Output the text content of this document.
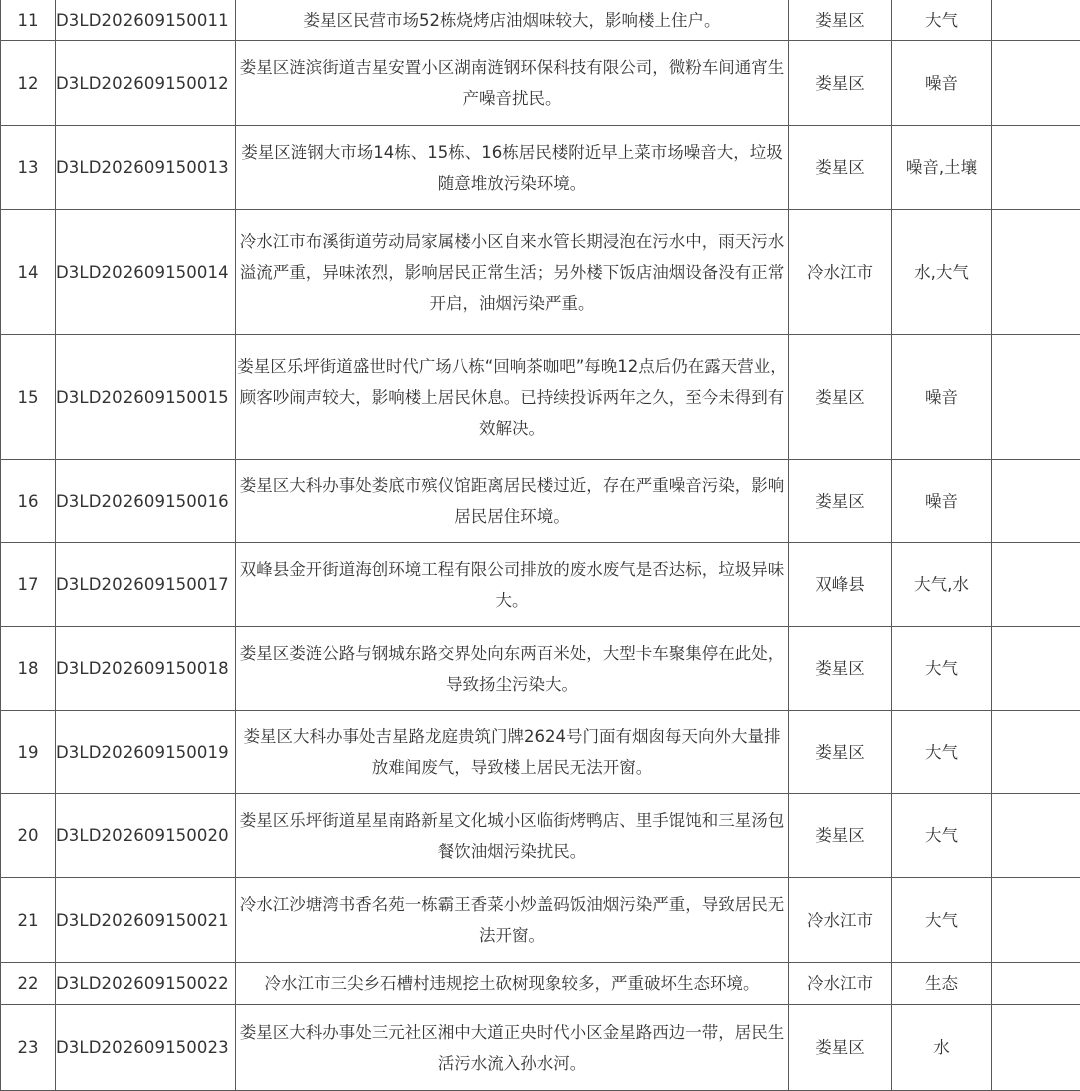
11	D3LD202609150011	娄星区民营市场52栋烧烤店油烟味较大，影响楼上住户。	娄星区	大气	
12	D3LD202609150012	娄星区涟滨街道吉星安置小区湖南涟钢环保科技有限公司，微粉车间通宵生产噪音扰民。	娄星区	噪音	
13	D3LD202609150013	娄星区涟钢大市场14栋、15栋、16栋居民楼附近早上菜市场噪音大，垃圾随意堆放污染环境。	娄星区	噪音,土壤	
14	D3LD202609150014	冷水江市布溪街道劳动局家属楼小区自来水管长期浸泡在污水中，雨天污水溢流严重，异味浓烈，影响居民正常生活；另外楼下饭店油烟设备没有正常开启，油烟污染严重。	冷水江市	水,大气	
15	D3LD202609150015	娄星区乐坪街道盛世时代广场八栋“回响茶咖吧”每晚12点后仍在露天营业，顾客吵闹声较大，影响楼上居民休息。已持续投诉两年之久，至今未得到有效解决。	娄星区	噪音	
16	D3LD202609150016	娄星区大科办事处娄底市殡仪馆距离居民楼过近，存在严重噪音污染，影响居民居住环境。	娄星区	噪音	
17	D3LD202609150017	双峰县金开街道海创环境工程有限公司排放的废水废气是否达标，垃圾异味大。	双峰县	大气,水	
18	D3LD202609150018	娄星区娄涟公路与钢城东路交界处向东两百米处，大型卡车聚集停在此处，导致扬尘污染大。	娄星区	大气	
19	D3LD202609150019	娄星区大科办事处吉星路龙庭贵筑门牌2624号门面有烟囱每天向外大量排放难闻废气，导致楼上居民无法开窗。	娄星区	大气	
20	D3LD202609150020	娄星区乐坪街道星星南路新星文化城小区临街烤鸭店、里手馄饨和三星汤包餐饮油烟污染扰民。	娄星区	大气	
21	D3LD202609150021	冷水江沙塘湾书香名苑一栋霸王香菜小炒盖码饭油烟污染严重，导致居民无法开窗。	冷水江市	大气	
22	D3LD202609150022	冷水江市三尖乡石槽村违规挖土砍树现象较多，严重破坏生态环境。	冷水江市	生态	
23	D3LD202609150023	娄星区大科办事处三元社区湘中大道正央时代小区金星路西边一带，居民生活污水流入孙水河。	娄星区	水	
